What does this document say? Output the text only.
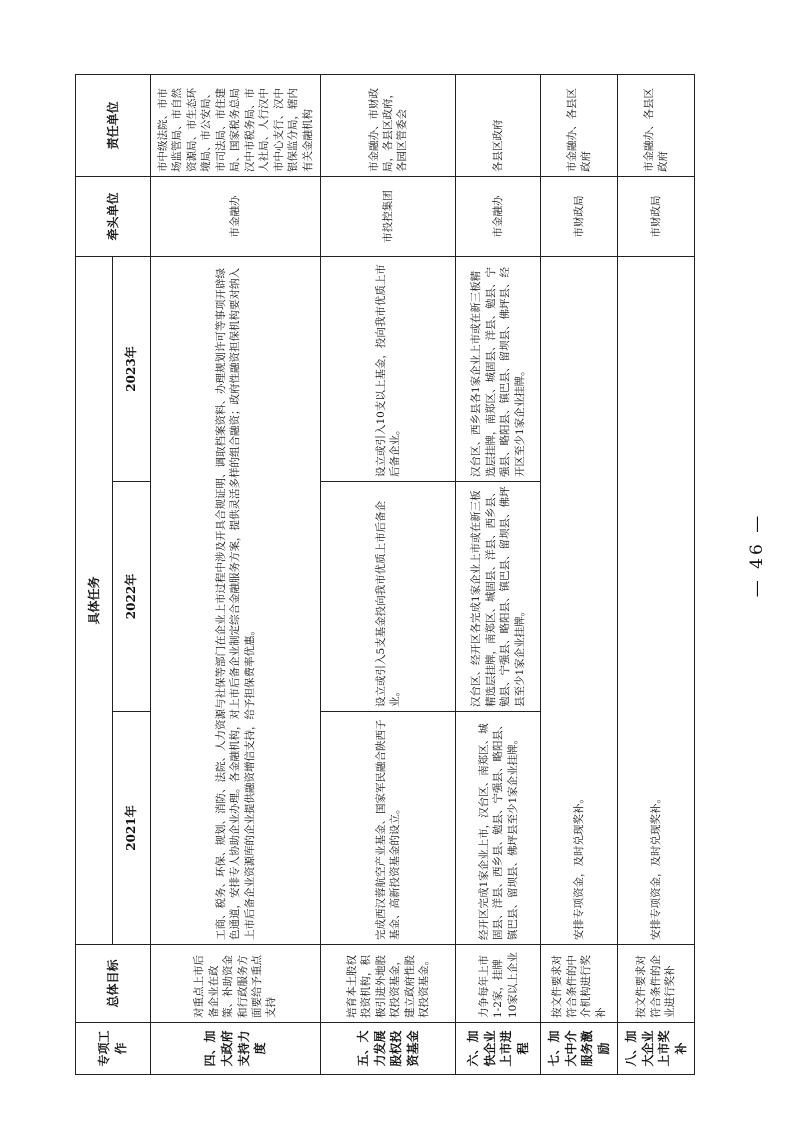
专项工作	总体目标	具体任务			牵头单位	责任单位
		2021年	2022年	2023年		
四、加大政府支持力度	对重点上市后备企业在政策、补助资金和行政服务方面要给予重点支持	工商、税务、环保、规划、消防、法院、人力资源与社保等部门在企业上市过程中涉及开具合规证明、调取档案资料、办理规划许可等事项开辟绿色通道，安排专人协助企业办理。各金融机构，对上市后备企业制定综合金融服务方案，提供灵活多样的组合融资；政府性融资担保机构要对纳入上市后备企业资源库的企业提供融资增信支持，给予担保费率优惠。			市金融办	市中级法院、市市场监管局、市自然资源局、市生态环境局、市公安局、市司法局、市住建局、国家税务总局汉中市税务局、市人社局、人行汉中市中心支行、汉中银保监分局，辖内有关金融机构
五、大力发展股权投资基金	培育本土股权投资机构，积极引进外地股权投资基金，建立政府性股权投资基金。	完成西汉蓉航空产业基金、国家军民融合陕西子基金、高新投资基金的设立。	设立或引入5支基金投向我市优质上市后备企业。	设立或引入10支以上基金，投向我市优质上市后备企业。	市投控集团	市金融办、市财政局，各县区政府，各园区管委会
六、加快企业上市进程	力争每年上市1-2家，挂牌10家以上企业	经开区完成1家企业上市，汉台区、南郑区、城固县、洋县、西乡县、勉县、宁强县、略阳县、镇巴县、留坝县、佛坪县至少1家企业挂牌。	汉台区、经开区各完成1家企业上市或在新三板精选层挂牌，南郑区、城固县、洋县、西乡县、勉县、宁强县、略阳县、镇巴县、留坝县、佛坪县至少1家企业挂牌。	汉台区、西乡县各1家企业上市或在新三板精选层挂牌，南郑区、城固县、洋县、勉县、宁强县、略阳县、镇巴县、留坝县、佛坪县、经开区至少1家企业挂牌。	市金融办	各县区政府
七、加大中介服务激励	按文件要求对符合条件的中介机构进行奖补	安排专项资金，及时兑现奖补。			市财政局	市金融办、各县区政府
八、加大企业上市奖补	按文件要求对符合条件的企业进行奖补	安排专项资金，及时兑现奖补。			市财政局	市金融办、各县区政府
— 46 —
